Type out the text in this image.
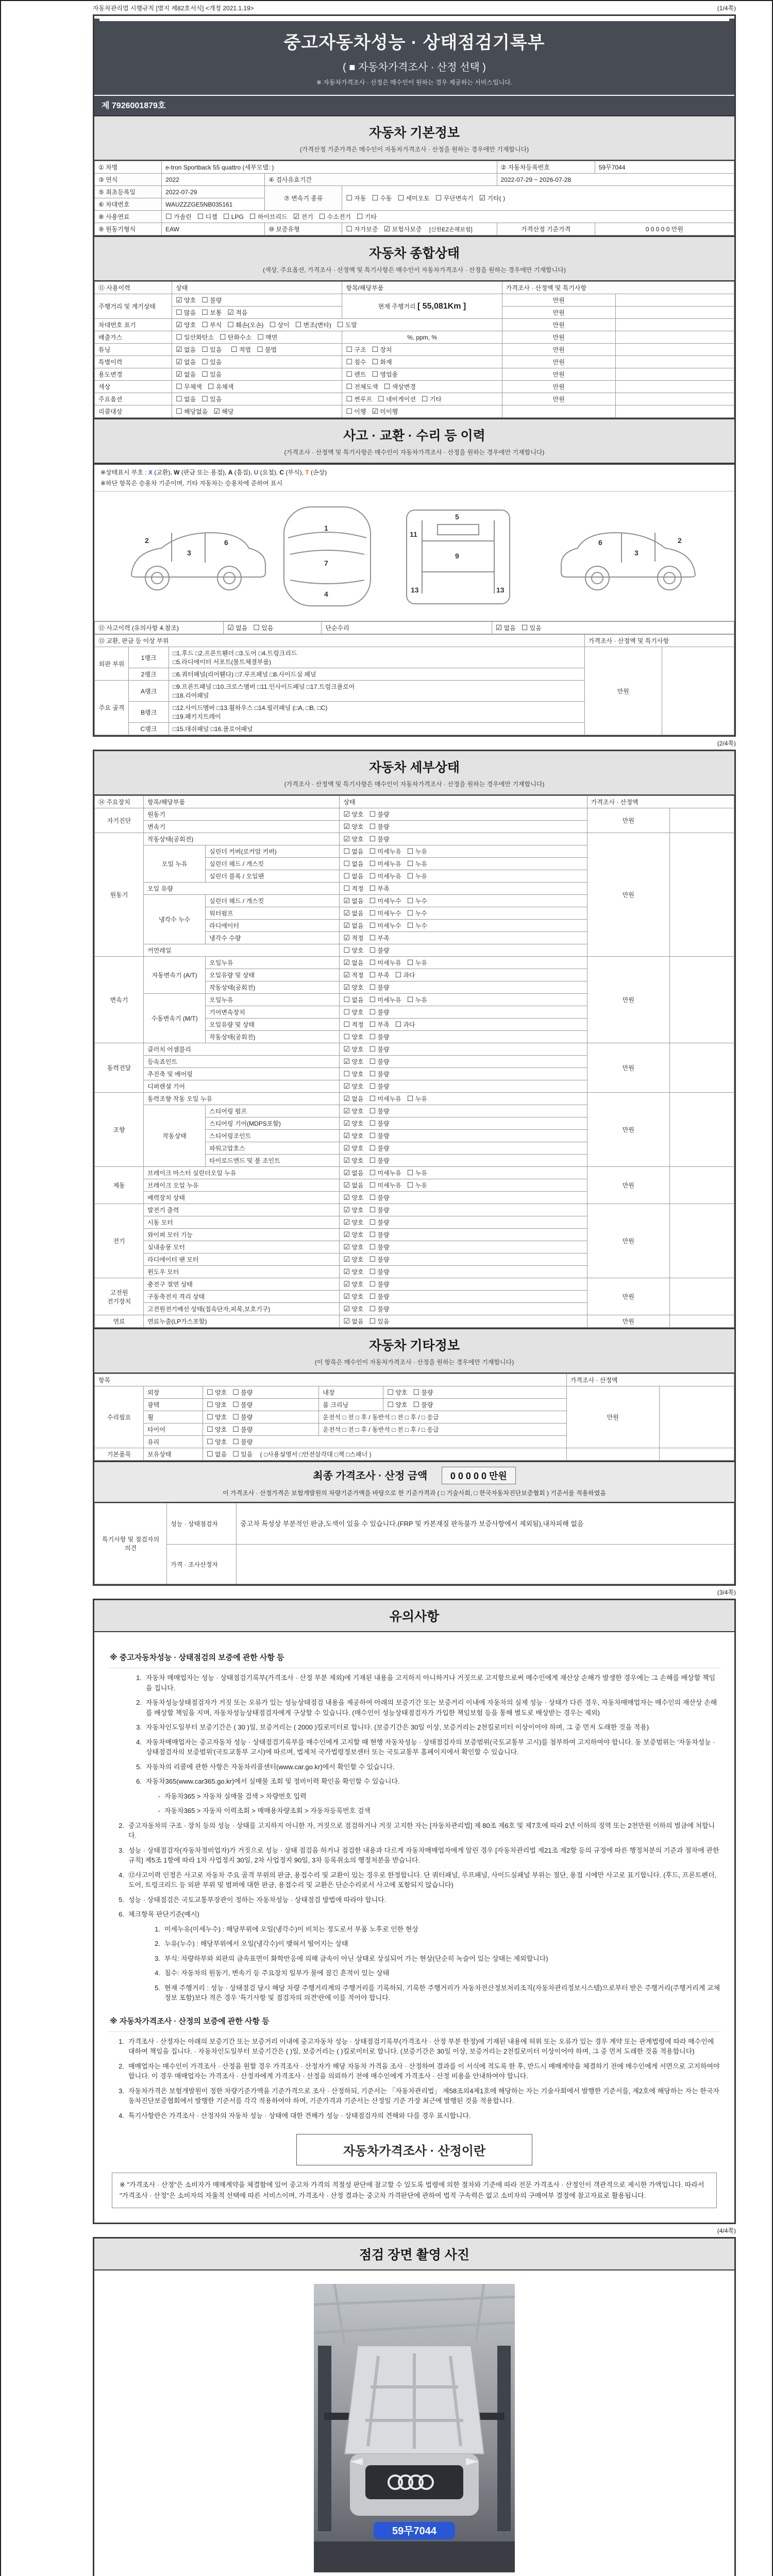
자동차관리법 시행규칙 [별지 제82호서식] <개정 2021.1.19>	(1/4쪽)
중고자동차성능 · 상태점검기록부
( ■ 자동차가격조사 · 산정 선택 )
※ 자동차가격조사 · 산정은 매수인이 원하는 경우 제공하는 서비스입니다.
제 7926001879호
자동차 기본정보
(가격산정 기준가격은 매수인이 자동차가격조사 · 산정을 원하는 경우에만 기재합니다)
① 차명	e-tron Sportback 55 quattro (세부모델: )			② 자동차등록번호	59무7044
③ 연식	2022	④ 검사유효기간		2022-07-29 ~ 2026-07-28	
⑤ 최초등록일	2022-07-29	⑦ 변속기 종류	☐ 자동 ☐ 수동 ☐ 세미오토 ☐ 무단변속기 ☑ 기타( )		

⑥ 차대번호	WAUZZZGE5NB035161				
⑧ 사용연료	☐ 가솔린 ☐ 디젤 ☐ LPG ☐ 하이브리드 ☑ 전기 ☐ 수소전기 ☐ 기타				
⑨ 원동기형식	EAW	⑩ 보증유형	☐ 자가보증 ☑ 보험사보증 [신한EZ손해보험]	가격산정 기준가격	0 0 0 0 0 만원
자동차 종합상태
(색상, 주요옵션, 가격조사 · 산정액 및 특기사항은 매수인이 자동차가격조사 · 산정을 원하는 경우에만 기재합니다)
⑪ 사용이력	상태	항목/해당부품	가격조사 · 산정액 및 특기사항	
주행거리 및 계기상태	☑ 양호 ☐ 불량	현재 주행거리 [ 55,081Km ]	만원	
	☐ 많음 ☐ 보통 ☑ 적음		만원	
차대번호 표기	☑ 양호 ☐ 부식 ☐ 훼손(오손) ☐ 상이 ☐ 변조(변타) ☐ 도말		만원	
배출가스	☐ 일산화탄소 ☐ 탄화수소 ☐ 매연	%, ppm, %	만원	
튜닝	☑ 없음 ☐ 있음 ☐ 적법 ☐ 불법	☐ 구조 ☐ 장치	만원	
특별이력	☑ 없음 ☐ 있음	☐ 침수 ☐ 화재	만원	
용도변경	☑ 없음 ☐ 있음	☐ 렌트 ☐ 영업용	만원	
색상	☐ 무채색 ☐ 유채색	☐ 전체도색 ☐ 색상변경	만원	
주요옵션	☐ 없음 ☐ 있음	☐ 썬루프 ☐ 네비게이션 ☐ 기타	만원	
리콜대상	☐ 해당없음 ☑ 해당	☐ 이행 ☑ 미이행		
사고 · 교환 · 수리 등 이력
(가격조사 · 산정액 및 특기사항은 매수인이 자동차가격조사 · 산정을 원하는 경우에만 기재합니다)
※상태표시 부호 : X (교환), W (판금 또는 용접), A (흠집), U (요철), C (부식), T (손상)
※하단 항목은 승용차 기준이며, 기타 자동차는 승용차에 준하여 표시
2
3
6
1
7
4
5
11
9
13	13
3
6	2
⑫ 사고이력 (유의사항 4.참조)	☑ 없음 ☐ 있음	단순수리	☑ 없음 ☐ 있음
⑬ 교환, 판금 등 이상 부위			가격조사 · 산정액 및 특기사항	
외판 부위	1랭크	□1.후드 □2.프론트휀더 □3.도어 □4.트렁크리드
□5.라디에이터 서포트(볼트체결부품)	만원	
	2랭크	□6.쿼터패널(리어휀다) □7.루프패널 □8.사이드실 패널		

주요 골격	A랭크	□9.프론트패널 □10.크로스멤버 □11.인사이드패널 □17.트렁크플로어
□18.리어패널		

	B랭크	□12.사이드멤버 □13.휠하우스 □14.필러패널 (□A, □B, □C)
□19.패키지트레이		

	C랭크	□15.대쉬패널 □16.플로어패널		
(2/4쪽)
자동차 세부상태
(가격조사 · 산정액 및 특기사항은 매수인이 자동차가격조사 · 산정을 원하는 경우에만 기재합니다)
⑭ 주요장치	항목/해당부품		상태	가격조사 · 산정액	
자기진단	원동기		☑ 양호 ☐ 불량	만원	
	변속기		☑ 양호 ☐ 불량		
원동기	작동상태(공회전)		☑ 양호 ☐ 불량	만원	
	오일 누유	실린더 커버(로커암 커버)	☐ 없음 ☐ 미세누유 ☐ 누유		
		실린더 헤드 / 개스킷	☐ 없음 ☐ 미세누유 ☐ 누유		
		실린더 블록 / 오일팬	☐ 없음 ☐ 미세누유 ☐ 누유		
	오일 유량		☐ 적정 ☐ 부족		
	냉각수 누수	실린더 헤드 / 개스킷	☑ 없음 ☐ 미세누수 ☐ 누수		
		워터펌프	☑ 없음 ☐ 미세누수 ☐ 누수		
		라디에이터	☑ 없음 ☐ 미세누수 ☐ 누수		
		냉각수 수량	☑ 적정 ☐ 부족		
	커먼레일		☐ 양호 ☐ 불량		
변속기	자동변속기 (A/T)	오일누유	☑ 없음 ☐ 미세누유 ☐ 누유	만원	
		오일유량 및 상태	☑ 적정 ☐ 부족 ☐ 과다		
		작동상태(공회전)	☑ 양호 ☐ 불량		
	수동변속기 (M/T)	오일누유	☐ 없음 ☐ 미세누유 ☐ 누유		
		기어변속장치	☐ 양호 ☐ 불량		
		오일유량 및 상태	☐ 적정 ☐ 부족 ☐ 과다		
		작동상태(공회전)	☐ 양호 ☐ 불량		
동력전달	클러치 어셈블리		☑ 양호 ☐ 불량	만원	
	등속죠인트		☑ 양호 ☐ 불량		
	추진축 및 베어링		☐ 양호 ☐ 불량		
	디퍼렌셜 기어		☑ 양호 ☐ 불량		
조향	동력조향 작동 오일 누유		☑ 없음 ☐ 미세누유 ☐ 누유	만원	
	작동상태	스티어링 펌프	☑ 양호 ☐ 불량		
		스티어링 기어(MDPS포함)	☑ 양호 ☐ 불량		
		스티어링조인트	☑ 양호 ☐ 불량		
		파워고압호스	☑ 양호 ☐ 불량		
		타이로드엔드 및 볼 조인트	☑ 양호 ☐ 불량		
제동	브레이크 마스터 실린더오일 누유		☑ 없음 ☐ 미세누유 ☐ 누유	만원	
	브레이크 오일 누유		☑ 없음 ☐ 미세누유 ☐ 누유		
	배력장치 상태		☑ 양호 ☐ 불량		
전기	발전기 출력		☑ 양호 ☐ 불량	만원	
	시동 모터		☑ 양호 ☐ 불량		
	와이퍼 모터 기능		☑ 양호 ☐ 불량		
	실내송풍 모터		☑ 양호 ☐ 불량		
	라디에이터 팬 모터		☑ 양호 ☐ 불량		
	윈도우 모터		☑ 양호 ☐ 불량		
고전원 전기장치	충전구 절연 상태		☑ 양호 ☐ 불량	만원	
	구동축전지 격리 상태		☑ 양호 ☐ 불량		
	고전원전기배선 상태(접속단자,피복,보호기구)		☑ 양호 ☐ 불량		
연료	연료누출(LP가스포함)		☑ 없음 ☐ 있음	만원	
자동차 기타정보
(이 항목은 매수인이 자동차가격조사 · 산정을 원하는 경우에만 기재합니다)
항목					가격조사 · 산정액	
수리필요	외장	☐ 양호 ☐ 불량	내장	☐ 양호 ☐ 불량	만원	
	광택	☐ 양호 ☐ 불량	룸 크리닝	☐ 양호 ☐ 불량		
	휠	☐ 양호 ☐ 불량	운전석 □ 전 □ 후 / 동반석 □ 전 □ 후 / □ 응급			
	타이어	☐ 양호 ☐ 불량	운전석 □ 전 □ 후 / 동반석 □ 전 □ 후 / □ 응급			
	유리	☐ 양호 ☐ 불량				
기본품목	보유상태	☐ 없음 ☐ 있음 ( □사용설명서 □안전삼각대 □잭 □스패너 )				
최종 가격조사 · 산정 금액 0 0 0 0 0 만원
이 가격조사 · 산정가격은 보험개발원의 차량기준가액을 바탕으로 한 기준가격과 ( □ 기술사회, □ 한국자동차진단보증협회 ) 기준서를 적용하였음
특기사항 및 점검자의 의견	성능 · 상태점검자	중고차 특성상 부분적인 판금,도색이 있을 수 있습니다.(FRP 및 카본재질 판독불가 보증사항에서 제외됨),내차피해 없음
	가격 · 조사산정자	
(3/4쪽)
유의사항
※ 중고자동차성능 · 상태점검의 보증에 관한 사항 등
1. 자동차 매매업자는 성능 · 상태점검기록부(가격조사 · 산정 부분 제외)에 기재된 내용을 고지하지 아니하거나 거짓으로 고지함으로써 매수인에게 재산상 손해가 발생한 경우에는 그 손해를 배상할 책임을 집니다.
2. 자동차성능상태점검자가 거짓 또는 오류가 있는 성능상태점검 내용을 제공하여 아래의 보증기간 또는 보증거리 이내에 자동차의 실제 성능 · 상태가 다른 경우, 자동차매매업자는 매수인의 재산상 손해를 배상할 책임을 지며, 자동차성능상태점검자에게 구상할 수 있습니다. (매수인이 성능상태점검자가 가입한 책임보험 등을 통해 별도로 배상받는 경우는 제외)
3. 자동차인도일부터 보증기간은 ( 30 )일, 보증거리는 ( 2000 )킬로미터로 합니다. (보증기간은 30일 이상, 보증거리는 2천킬로미터 이상이어야 하며, 그 중 먼저 도래한 것을 적용)
4. 자동차매매업자는 중고자동차 성능 · 상태점검기록부를 매수인에게 고지할 때 현행 자동차성능 · 상태점검자의 보증범위(국토교통부 고시)를 첨부하여 고지하여야 합니다. 동 보증범위는 '자동차성능 · 상태점검자의 보증범위'(국토교통부 고시)에 따르며, 법제처 국가법령정보센터 또는 국토교통부 홈페이지에서 확인할 수 있습니다.
5. 자동차의 리콜에 관한 사항은 자동차리콜센터(www.car.go.kr)에서 확인할 수 있습니다.
6. 자동차365(www.car365.go.kr)에서 실매물 조회 및 정비이력 확인을 확인할 수 있습니다.
- 자동차365 > 자동차 실매물 검색 > 차량번호 입력
- 자동차365 > 자동차 이력조회 > 매매용차량조회 > 자동차등록번호 검색
2. 중고자동차의 구조 · 장치 등의 성능 · 상태를 고지하지 아니한 자, 거짓으로 점검하거나 거짓 고지한 자는 [자동차관리법] 제 80조 제6호 및 제7호에 따라 2년 이하의 징역 또는 2천만원 이하의 벌금에 처합니다.
3. 성능 · 상태점검자(자동차정비업자)가 거짓으로 성능 · 상태 점검을 하거나 점검한 내용과 다르게 자동차매매업자에게 알린 경우 [자동차관리법 제21조 제2항 등의 규정에 따른 행정처분의 기준과 절차에 관한 규칙] 제5조 1항에 따라 1차 사업정지 30일, 2차 사업정지 90일, 3차 등록취소의 행정처분을 받습니다.
4. ⑫사고이력 인정은 사고로 자동차 주요 골격 부위의 판금, 용접수리 및 교환이 있는 경우로 한정합니다. 단 쿼터패널, 루프패널, 사이드실패널 부위는 절단, 용접 시에만 사고로 표기합니다. (후드, 프론트펜더, 도어, 트렁크리드 등 외판 부위 및 범퍼에 대한 판금, 용접수리 및 교환은 단순수리로서 사고에 포함되지 않습니다)
5. 성능 · 상태점검은 국토교통부장관이 정하는 자동차성능 · 상태점검 방법에 따라야 합니다.
6. 체크항목 판단기준(예시)
1. 미세누유(미세누수) : 해당부위에 오일(냉각수)이 비치는 정도로서 부품 노후로 인한 현상
2. 누유(누수) : 해당부위에서 오일(냉각수)이 맺혀서 떨어지는 상태
3. 부식: 차량하부와 외판의 금속표면이 화학반응에 의해 금속이 아닌 상태로 상실되어 가는 현상(단순히 녹슬어 있는 상태는 제외합니다)
4. 침수: 자동차의 원동기, 변속기 등 주요장치 일부가 물에 잠긴 흔적이 있는 상태
5. 현재 주행거리 : 성능 · 상태점검 당시 해당 차량 주행거리계의 주행거리를 기록하되, 기록한 주행거리가 자동차전산정보처리조직(자동차관리정보시스템)으로부터 받은 주행거리(주행거리계 교체 정보 포함)보다 적은 경우 '특기사항 및 점검자의 의견'란에 이를 적어야 합니다.
※ 자동차가격조사 · 산정의 보증에 관한 사항 등
1. 가격조사 · 산정자는 아래의 보증기간 또는 보증거리 이내에 중고자동차 성능 · 상태점검기록부(가격조사 · 산정 부분 한정)에 기재된 내용에 허위 또는 오류가 있는 경우 계약 또는 관계법령에 따라 매수인에 대하여 책임을 집니다. · 자동차인도일부터 보증기간은 ( )일, 보증거리는 ( )킬로미터로 합니다. (보증기간은 30일 이상, 보증거리는 2천킬로미터 이상이어야 하며, 그 중 먼저 도래한 것을 적용합니다)
2. 매매업자는 매수인이 가격조사 · 산정을 원할 경우 가격조사 · 산정자가 해당 자동차 가격을 조사 · 산정하여 결과를 이 서식에 적도록 한 후, 반드시 매매계약을 체결하기 전에 매수인에게 서면으로 고지하여야 합니다. 이 경우 매매업자는 가격조사 · 산정자에게 가격조사 · 산정을 의뢰하기 전에 매수인에게 가격조사 · 산정 비용을 안내하여야 합니다.
3. 자동차가격은 보험개발원이 정한 차량기준가액을 기준가격으로 조사 · 산정하되, 기준서는 「자동차관리법」 제58조의4제1호에 해당하는 자는 기술사회에서 발행한 기준서를, 제2호에 해당하는 자는 한국자동차진단보증협회에서 발행한 기준서를 각각 적용하여야 하며, 기준가격과 기준서는 산정일 기준 가장 최근에 발행된 것을 적용합니다.
4. 특기사항란은 가격조사 · 산정자의 자동차 성능 · 상태에 대한 견해가 성능 · 상태점검자의 견해와 다를 경우 표시합니다.
자동차가격조사 · 산정이란
※ "가격조사 · 산정"은 소비자가 매매계약을 체결함에 있어 중고차 가격의 적절성 판단에 참고할 수 있도록 법령에 의한 절차와 기준에 따라 전문 가격조사 · 산정인이 객관적으로 제시한 가액입니다. 따라서 "가격조사 · 산정"은 소비자의 자율적 선택에 따른 서비스이며, 가격조사 · 산정 결과는 중고차 가격판단에 관하여 법적 구속력은 없고 소비자의 구매여부 결정에 참고자료로 활용됩니다.
(4/4쪽)
점검 장면 촬영 사진
59무7044
